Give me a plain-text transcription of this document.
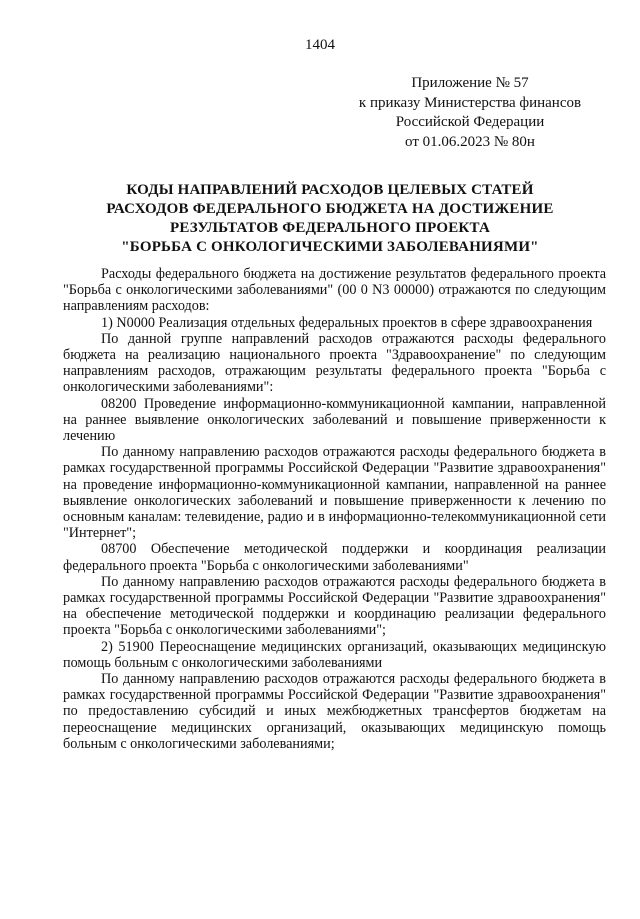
1404
Приложение № 57
к приказу Министерства финансов
Российской Федерации
от 01.06.2023 № 80н
КОДЫ НАПРАВЛЕНИЙ РАСХОДОВ ЦЕЛЕВЫХ СТАТЕЙ
РАСХОДОВ ФЕДЕРАЛЬНОГО БЮДЖЕТА НА ДОСТИЖЕНИЕ
РЕЗУЛЬТАТОВ ФЕДЕРАЛЬНОГО ПРОЕКТА
"БОРЬБА С ОНКОЛОГИЧЕСКИМИ ЗАБОЛЕВАНИЯМИ"

Расходы федерального бюджета на достижение результатов федерального проекта "Борьба с онкологическими заболеваниями" (00 0 N3 00000) отражаются по следующим направлениям расходов:

1) N0000 Реализация отдельных федеральных проектов в сфере здравоохранения

По данной группе направлений расходов отражаются расходы федерального бюджета на реализацию национального проекта "Здравоохранение" по следующим направлениям расходов, отражающим результаты федерального проекта "Борьба с онкологическими заболеваниями":

08200 Проведение информационно-коммуникационной кампании, направленной на раннее выявление онкологических заболеваний и повышение приверженности к лечению

По данному направлению расходов отражаются расходы федерального бюджета в рамках государственной программы Российской Федерации "Развитие здравоохранения" на проведение информационно-коммуникационной кампании, направленной на раннее выявление онкологических заболеваний и повышение приверженности к лечению по основным каналам: телевидение, радио и в информационно-телекоммуникационной сети "Интернет";

08700 Обеспечение методической поддержки и координация реализации федерального проекта "Борьба с онкологическими заболеваниями"

По данному направлению расходов отражаются расходы федерального бюджета в рамках государственной программы Российской Федерации "Развитие здравоохранения" на обеспечение методической поддержки и координацию реализации федерального проекта "Борьба с онкологическими заболеваниями";

2) 51900 Переоснащение медицинских организаций, оказывающих медицинскую помощь больным с онкологическими заболеваниями

По данному направлению расходов отражаются расходы федерального бюджета в рамках государственной программы Российской Федерации "Развитие здравоохранения" по предоставлению субсидий и иных межбюджетных трансфертов бюджетам на переоснащение медицинских организаций, оказывающих медицинскую помощь больным с онкологическими заболеваниями;
